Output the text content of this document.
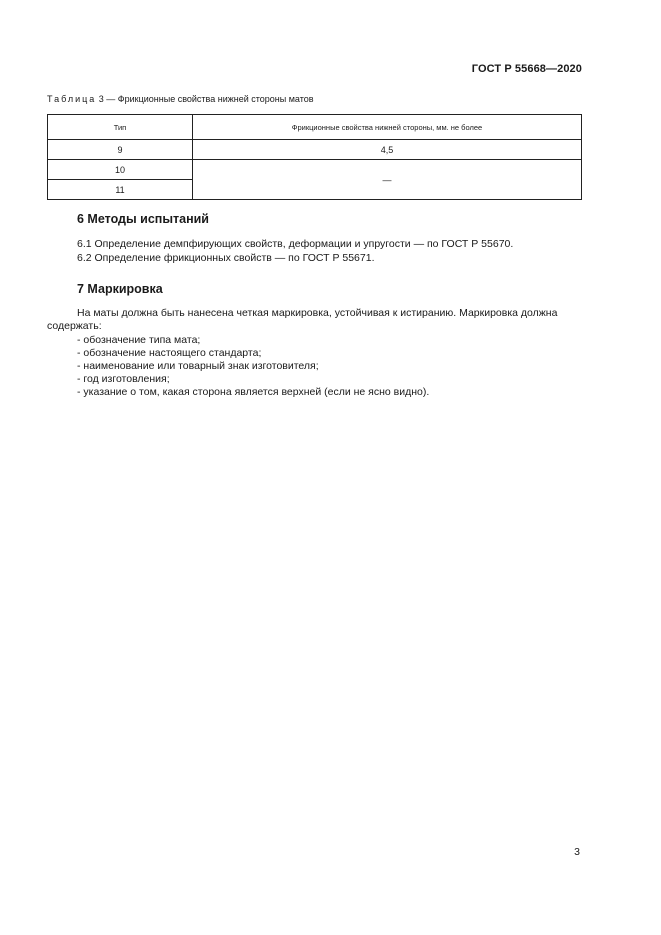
ГОСТ Р 55668—2020
Таблица 3 — Фрикционные свойства нижней стороны матов
Тип	Фрикционные свойства нижней стороны, мм. не более
9	4,5
10	—
11	
6 Методы испытаний
6.1 Определение демпфирующих свойств, деформации и упругости — по ГОСТ Р 55670.
6.2 Определение фрикционных свойств — по ГОСТ Р 55671.
7 Маркировка
На маты должна быть нанесена четкая маркировка, устойчивая к истиранию. Маркировка должна
содержать:
- обозначение типа мата;
- обозначение настоящего стандарта;
- наименование или товарный знак изготовителя;
- год изготовления;
- указание о том, какая сторона является верхней (если не ясно видно).
3
